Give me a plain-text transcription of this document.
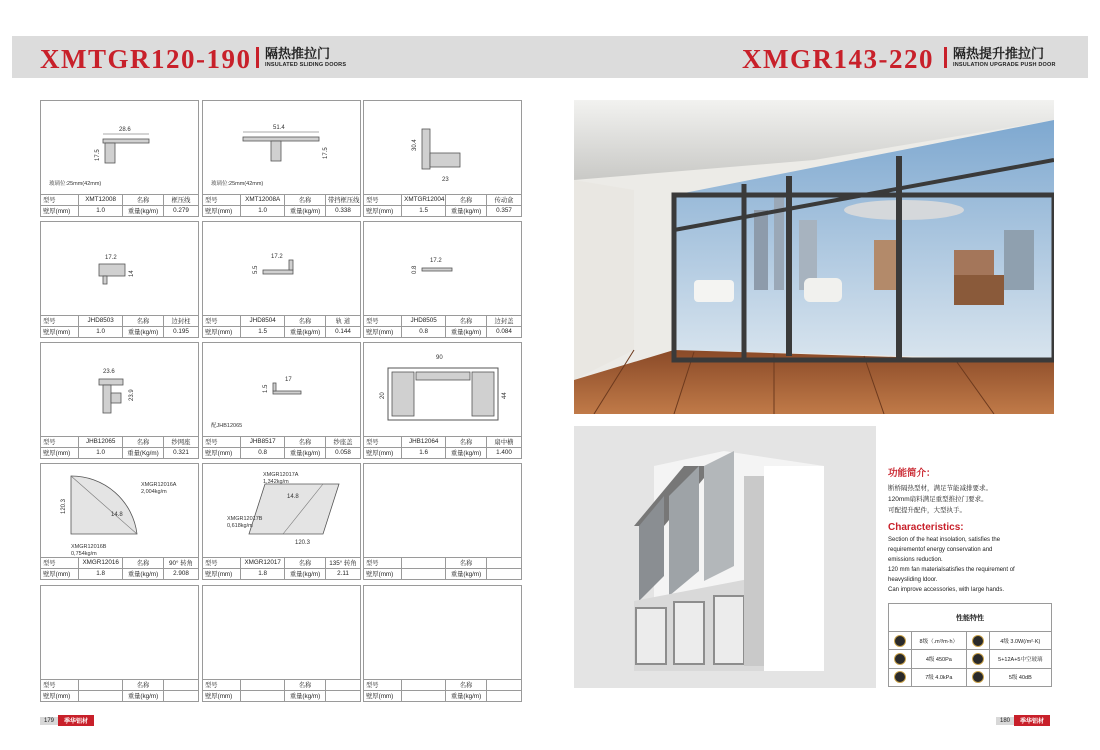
XMTGR120-190 隔热推拉门
INSULATED SLIDING DOORS	XMGR143-220 隔热提升推拉门
INSULATION UPGRADE PUSH DOOR
28.6
17.5
玻璃位:25mm(42mm)
型号	XMT12008	名称	框压线
壁厚(mm)	1.0	重量(kg/m)	0.279
51.4
17.5
玻璃位:25mm(42mm)
型号	XMT12008A	名称	带挡框压线
壁厚(mm)	1.0	重量(kg/m)	0.338
30.4
23
型号	XMTGR12004	名称	传动盒
壁厚(mm)	1.5	重量(kg/m)	0.357
17.2
14
型号	JHD8503	名称	边封柱
壁厚(mm)	1.0	重量(kg/m)	0.195
17.2
5.5
型号	JHD8504	名称	轨 道
壁厚(mm)	1.5	重量(kg/m)	0.144
17.2
0.8
型号	JHD8505	名称	边封盖
壁厚(mm)	0.8	重量(kg/m)	0.084
23.6
23.9
型号	JHB12065	名称	纱网座
壁厚(mm)	1.0	重量(Kg/m)	0.321
17
1.5
配JHB12065
型号	JHB8517	名称	纱座盖
壁厚(mm)	0.8	重量(kg/m)	0.058
90
20	44
型号	JHB12064	名称	扇中横
壁厚(mm)	1.6	重量(kg/m)	1.400
120.3
14.8
XMGR12016A
2,004kg/m
XMGR12016B
0,754kg/m
型号	XMGR12016	名称	90° 转角
壁厚(mm)	1.8	重量(kg/m)	2.908
120.3
14.8
XMGR12017A
1,342kg/m
XMGR12017B
0,618kg/m
型号	XMGR12017	名称	135° 转角
壁厚(mm)	1.8	重量(kg/m)	2.11
型号		名称	
壁厚(mm)		重量(kg/m)	
型号		名称	
壁厚(mm)		重量(kg/m)	
型号		名称	
壁厚(mm)		重量(kg/m)	
型号		名称	
壁厚(mm)		重量(kg/m)	
功能简介：
断桥隔热型材，满足节能减排要求。
120mm扇料满足重型推拉门要求。
可配提升配件，大型执手。
Characteristics:
Section of the heat insolation, satisfies the
requirementof energy conservation and
emissions reduction.
120 mm fan materialsatisfies the requirement of
heavysliding ldoor.
Can improve accessories, with large hands.
性能特性			
	8级（.m³/m·h）		4级 3.0W(/m²·K)
	4级 450Pa		5+12A+5中空玻璃
	7级 4.0kPa		5级 40dB
179 季华铝材	180 季华铝材
